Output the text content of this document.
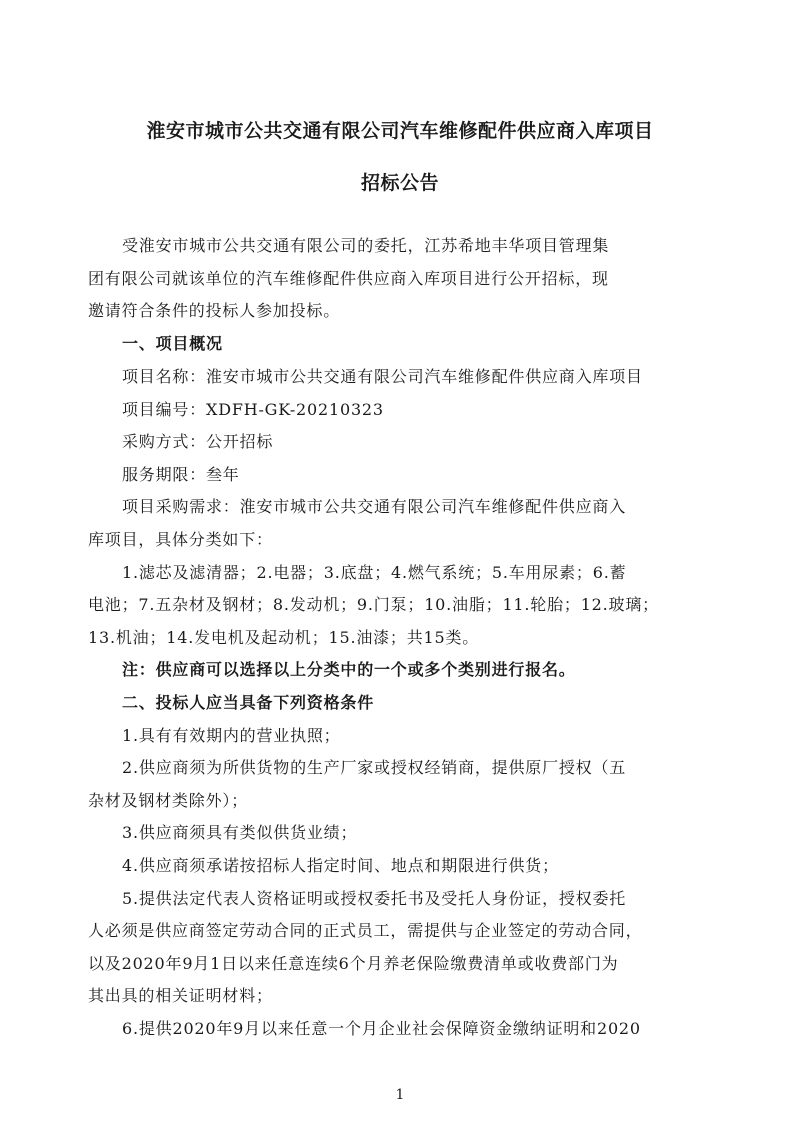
淮安市城市公共交通有限公司汽车维修配件供应商入库项目
招标公告
受淮安市城市公共交通有限公司的委托，江苏希地丰华项目管理集
团有限公司就该单位的汽车维修配件供应商入库项目进行公开招标，现
邀请符合条件的投标人参加投标。
一、项目概况
项目名称：淮安市城市公共交通有限公司汽车维修配件供应商入库项目
项目编号：XDFH-GK-20210323
采购方式：公开招标
服务期限：叁年
项目采购需求：淮安市城市公共交通有限公司汽车维修配件供应商入
库项目，具体分类如下：
1.滤芯及滤清器；2.电器；3.底盘；4.燃气系统；5.车用尿素；6.蓄
电池；7.五杂材及钢材；8.发动机；9.门泵；10.油脂；11.轮胎；12.玻璃；
13.机油；14.发电机及起动机；15.油漆；共15类。
注：供应商可以选择以上分类中的一个或多个类别进行报名。
二、投标人应当具备下列资格条件
1.具有有效期内的营业执照；
2.供应商须为所供货物的生产厂家或授权经销商，提供原厂授权（五
杂材及钢材类除外）；
3.供应商须具有类似供货业绩；
4.供应商须承诺按招标人指定时间、地点和期限进行供货；
5.提供法定代表人资格证明或授权委托书及受托人身份证，授权委托
人必须是供应商签定劳动合同的正式员工，需提供与企业签定的劳动合同，
以及2020年9月1日以来任意连续6个月养老保险缴费清单或收费部门为
其出具的相关证明材料；
6.提供2020年9月以来任意一个月企业社会保障资金缴纳证明和2020
1
